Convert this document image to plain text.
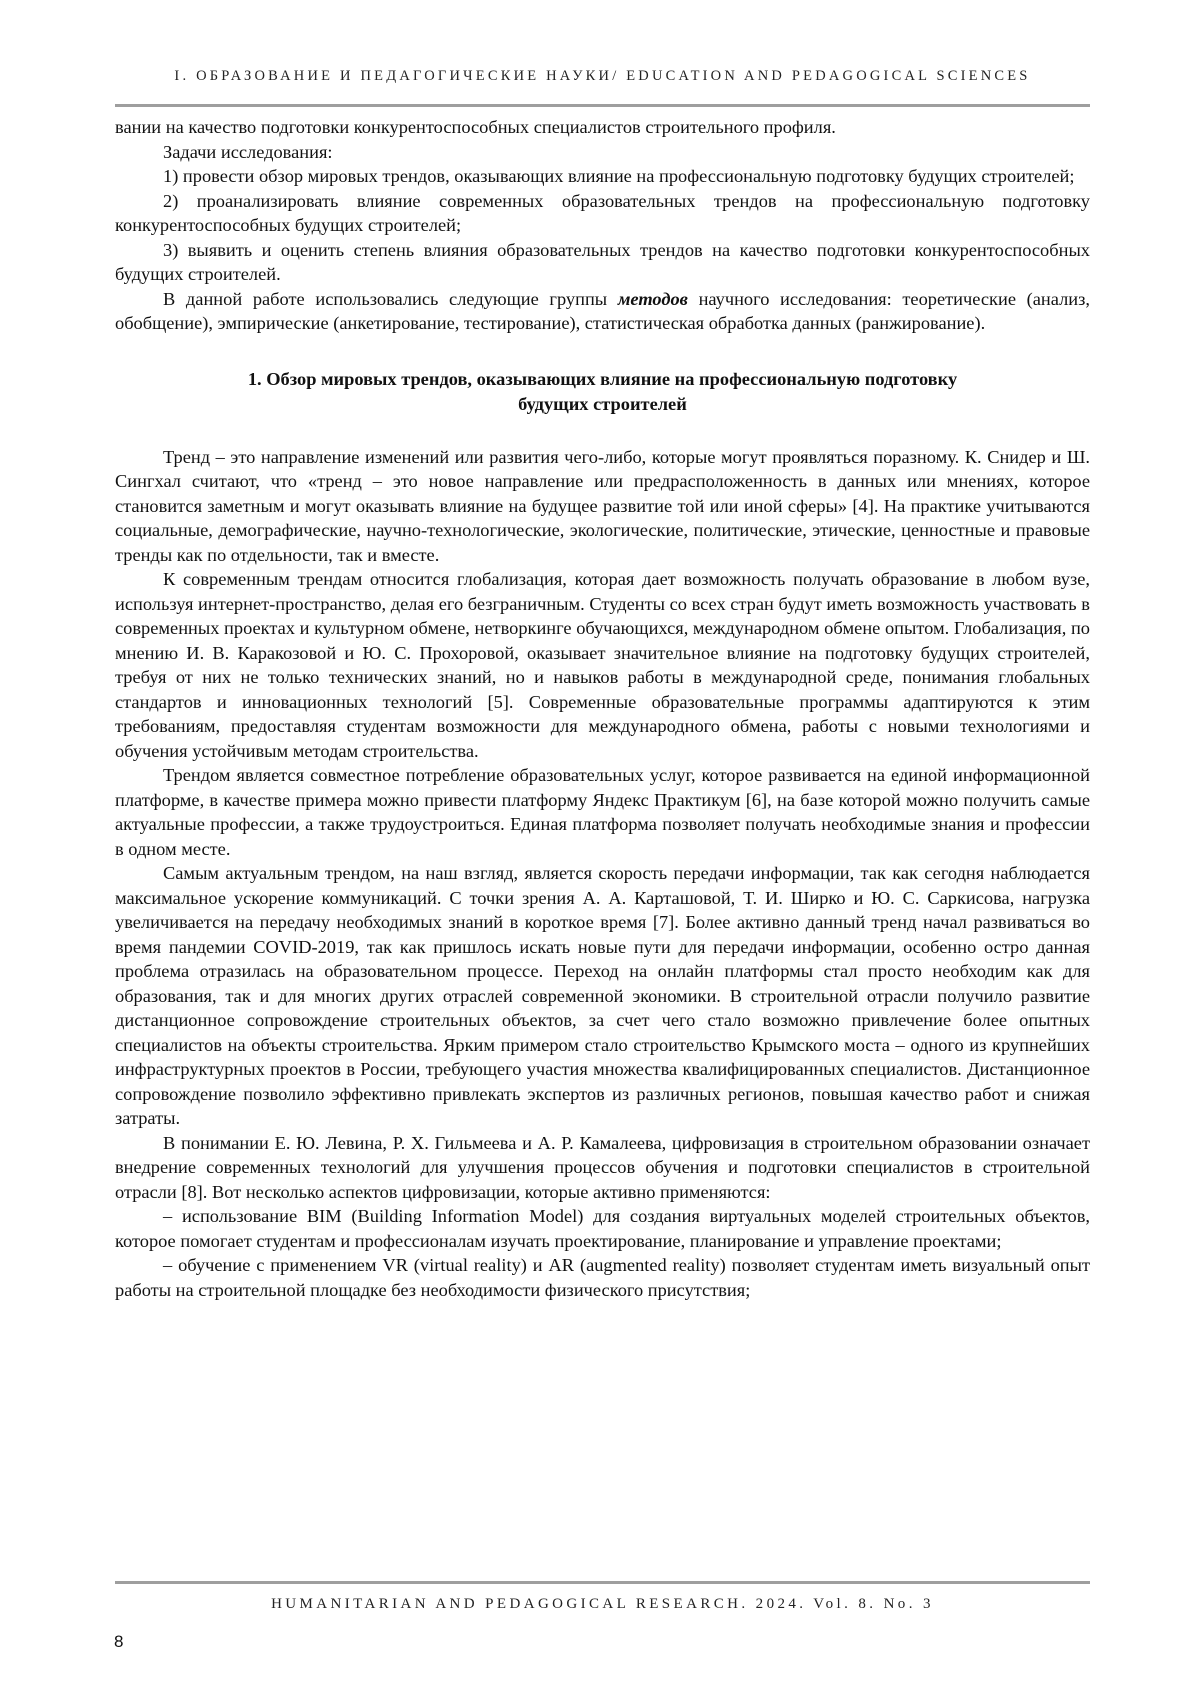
I. ОБРАЗОВАНИЕ И ПЕДАГОГИЧЕСКИЕ НАУКИ/ EDUCATION AND PEDAGOGICAL SCIENCES

вании на качество подготовки конкурентоспособных специалистов строительного профиля.

Задачи исследования:

1) провести обзор мировых трендов, оказывающих влияние на профессиональную подготовку будущих строителей;

2) проанализировать влияние современных образовательных трендов на профессиональную подготовку конкурентоспособных будущих строителей;

3) выявить и оценить степень влияния образовательных трендов на качество подготовки конкурентоспособных будущих строителей.

В данной работе использовались следующие группы методов научного исследования: теоретические (анализ, обобщение), эмпирические (анкетирование, тестирование), статистическая обработка данных (ранжирование).

1. Обзор мировых трендов, оказывающих влияние на профессиональную подготовку
будущих строителей

Тренд – это направление изменений или развития чего-либо, которые могут проявляться поразному. К. Снидер и Ш. Сингхал считают, что «тренд – это новое направление или предрасположенность в данных или мнениях, которое становится заметным и могут оказывать влияние на будущее развитие той или иной сферы» [4]. На практике учитываются социальные, демографические, научно-технологические, экологические, политические, этические, ценностные и правовые тренды как по отдельности, так и вместе.

К современным трендам относится глобализация, которая дает возможность получать образование в любом вузе, используя интернет-пространство, делая его безграничным. Студенты со всех стран будут иметь возможность участвовать в современных проектах и культурном обмене, нетворкинге обучающихся, международном обмене опытом. Глобализация, по мнению И. В. Каракозовой и Ю. С. Прохоровой, оказывает значительное влияние на подготовку будущих строителей, требуя от них не только технических знаний, но и навыков работы в международной среде, понимания глобальных стандартов и инновационных технологий [5]. Современные образовательные программы адаптируются к этим требованиям, предоставляя студентам возможности для международного обмена, работы с новыми технологиями и обучения устойчивым методам строительства.

Трендом является совместное потребление образовательных услуг, которое развивается на единой информационной платформе, в качестве примера можно привести платформу Яндекс Практикум [6], на базе которой можно получить самые актуальные профессии, а также трудоустроиться. Единая платформа позволяет получать необходимые знания и профессии в одном месте.

Самым актуальным трендом, на наш взгляд, является скорость передачи информации, так как сегодня наблюдается максимальное ускорение коммуникаций. С точки зрения А. А. Карташовой, Т. И. Ширко и Ю. С. Саркисова, нагрузка увеличивается на передачу необходимых знаний в короткое время [7]. Более активно данный тренд начал развиваться во время пандемии COVID-2019, так как пришлось искать новые пути для передачи информации, особенно остро данная проблема отразилась на образовательном процессе. Переход на онлайн платформы стал просто необходим как для образования, так и для многих других отраслей современной экономики. В строительной отрасли получило развитие дистанционное сопровождение строительных объектов, за счет чего стало возможно привлечение более опытных специалистов на объекты строительства. Ярким примером стало строительство Крымского моста – одного из крупнейших инфраструктурных проектов в России, требующего участия множества квалифицированных специалистов. Дистанционное сопровождение позволило эффективно привлекать экспертов из различных регионов, повышая качество работ и снижая затраты.

В понимании Е. Ю. Левина, Р. Х. Гильмеева и А. Р. Камалеева, цифровизация в строительном образовании означает внедрение современных технологий для улучшения процессов обучения и подготовки специалистов в строительной отрасли [8]. Вот несколько аспектов цифровизации, которые активно применяются:

– использование BIM (Building Information Model) для создания виртуальных моделей строительных объектов, которое помогает студентам и профессионалам изучать проектирование, планирование и управление проектами;

– обучение с применением VR (virtual reality) и AR (augmented reality) позволяет студентам иметь визуальный опыт работы на строительной площадке без необходимости физического присутствия;

HUMANITARIAN AND PEDAGOGICAL RESEARCH. 2024. Vol. 8. No. 3
8
